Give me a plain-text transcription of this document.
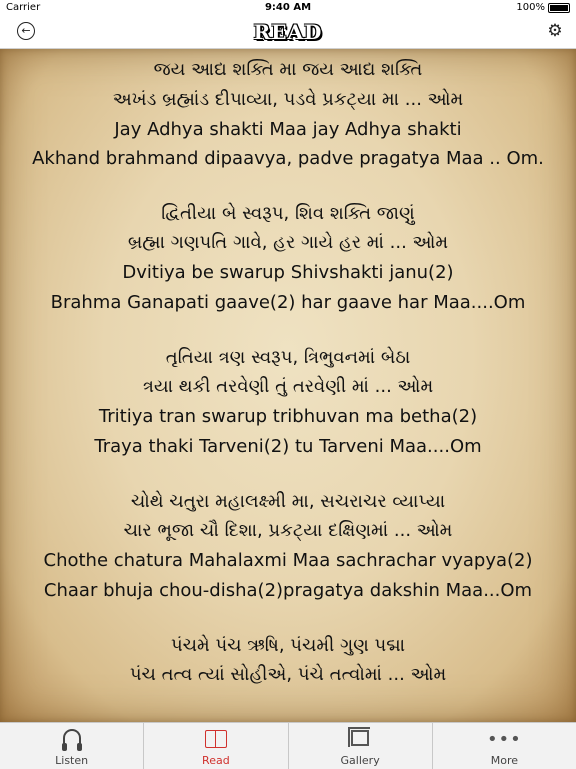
Carrier	9:40 AM	100%
←	READ	⚙
જય આદ્ય શક્તિ મા જય આદ્ય શક્તિ
અખંડ બ્રહ્માંડ દીપાવ્યા, પડવે પ્રકટ્યા મા ... ઓમ
Jay Adhya shakti Maa jay Adhya shakti
Akhand brahmand dipaavya, padve pragatya Maa .. Om.
દ્વિતીયા બે સ્વરૂપ, શિવ શક્તિ જાણું
બ્રહ્મા ગણપતિ ગાવે, હર ગાયે હર માં ... ઓમ
Dvitiya be swarup Shivshakti janu(2)
Brahma Ganapati gaave(2) har gaave har Maa....Om
તૃતિયા ત્રણ સ્વરૂપ, ત્રિભુવનમાં બેઠા
ત્રયા થકી તરવેણી તું તરવેણી માં ... ઓમ
Tritiya tran swarup tribhuvan ma betha(2)
Traya thaki Tarveni(2) tu Tarveni Maa....Om
ચોથે ચતુરા મહાલક્ષ્મી મા, સચરાચર વ્યાપ્યા
ચાર ભૂજા ચૌ દિશા, પ્રકટ્યા દક્ષિણમાં ... ઓમ
Chothe chatura Mahalaxmi Maa sachrachar vyapya(2)
Chaar bhuja chou-disha(2)pragatya dakshin Maa...Om
પંચમે પંચ ઋષિ, પંચમી ગુણ પદ્મા
પંચ તત્વ ત્યાં સોહીએ, પંચે તત્વોમાં ... ઓમ
Listen	Read	Gallery
•••
More
